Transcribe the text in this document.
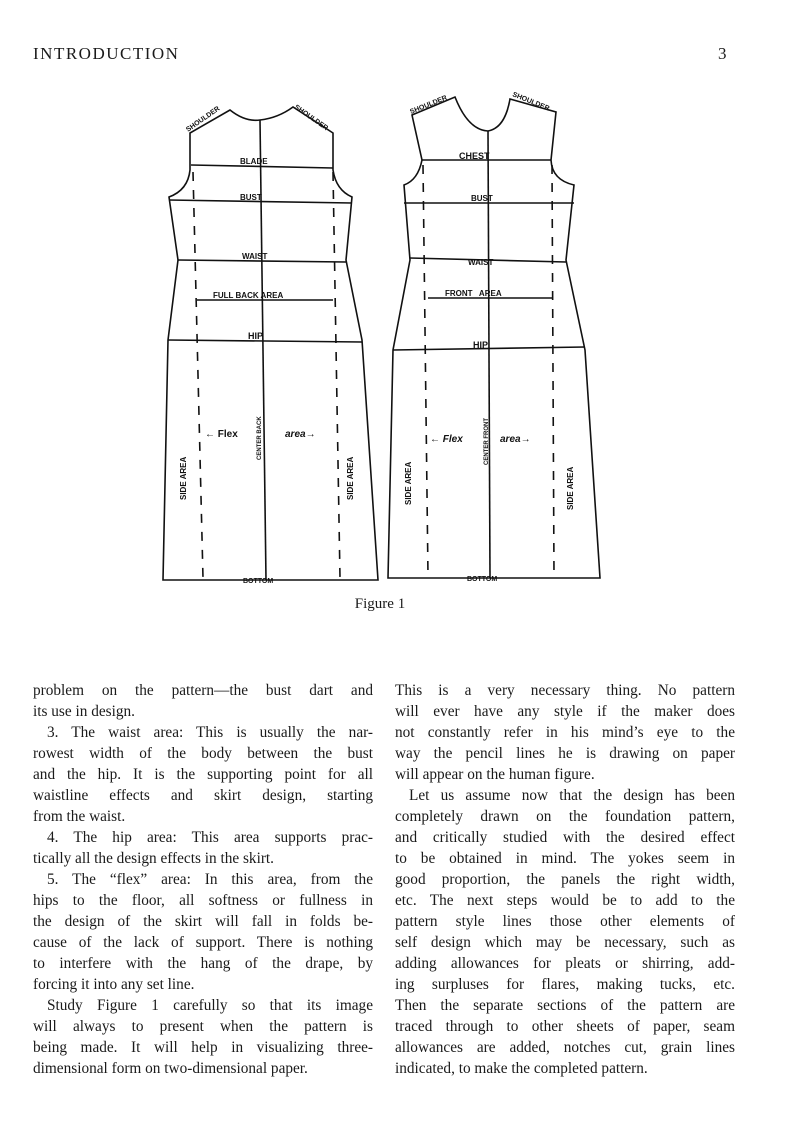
INTRODUCTION	3
SHOULDER	SHOULDER
BLADE
BUST
WAIST
FULL BACK AREA
HIP
SIDE AREA	SIDE AREA
CENTER BACK
← Flex	area→
BOTTOM
SHOULDER	SHOULDER
CHEST
BUST
WAIST
FRONT   AREA
HIP
SIDE AREA	SIDE AREA
CENTER FRONT
← Flex	area→
BOTTOM
Figure 1
problem on the pattern—the bust dart and
its use in design.
3. The waist area: This is usually the nar-
rowest width of the body between the bust
and the hip. It is the supporting point for all
waistline effects and skirt design, starting
from the waist.
4. The hip area: This area supports prac-
tically all the design effects in the skirt.
5. The “flex” area: In this area, from the
hips to the floor, all softness or fullness in
the design of the skirt will fall in folds be-
cause of the lack of support. There is nothing
to interfere with the hang of the drape, by
forcing it into any set line.
Study Figure 1 carefully so that its image
will always to present when the pattern is
being made. It will help in visualizing three-
dimensional form on two-dimensional paper.
This is a very necessary thing. No pattern
will ever have any style if the maker does
not constantly refer in his mind’s eye to the
way the pencil lines he is drawing on paper
will appear on the human figure.
Let us assume now that the design has been
completely drawn on the foundation pattern,
and critically studied with the desired effect
to be obtained in mind. The yokes seem in
good proportion, the panels the right width,
etc. The next steps would be to add to the
pattern style lines those other elements of
self design which may be necessary, such as
adding allowances for pleats or shirring, add-
ing surpluses for flares, making tucks, etc.
Then the separate sections of the pattern are
traced through to other sheets of paper, seam
allowances are added, notches cut, grain lines
indicated, to make the completed pattern.
